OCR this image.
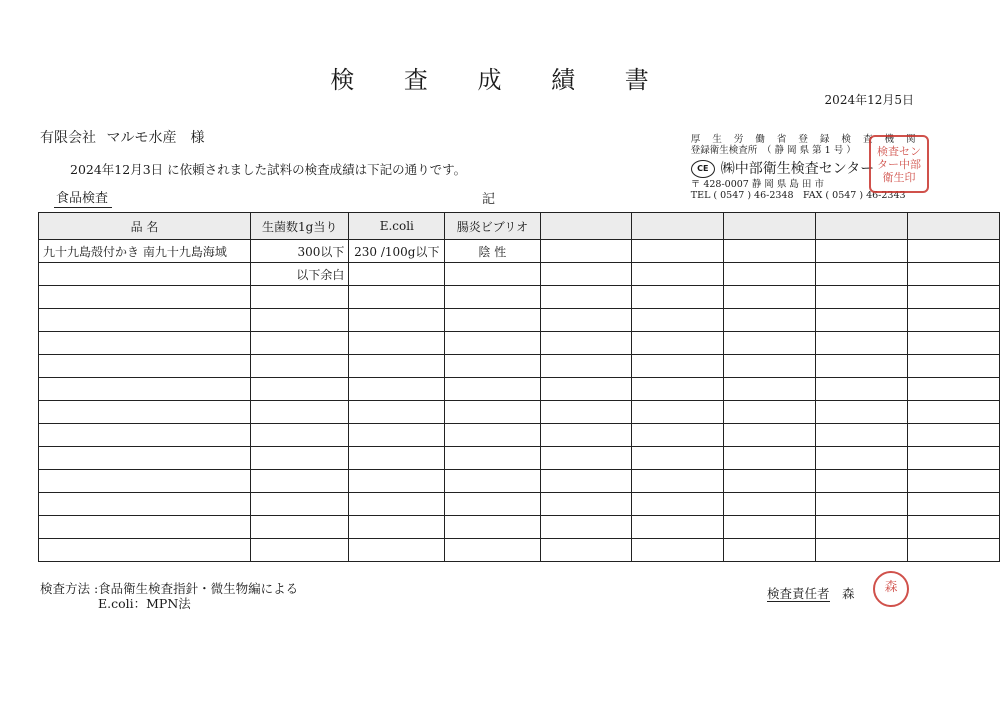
検 査 成 績 書
2024年12月5日
有限会社 マルモ水産　 様
2024年12月3日 に依頼されました試料の検査成績は下記の通りです。
食品検査	記
厚 生 労 働 省 登 録 検 査 機 関
登録衛生検査所　（ 静 岡 県 第 1 号 ）
CE ㈱中部衛生検査センター
〒 428-0007 静 岡 県 島 田 市
TEL ( 0547 ) 46-2348　FAX ( 0547 ) 46-2343
検査センター中部衛生印
品 名	生菌数1g当り	E.coli	腸炎ビブリオ					
九十九島殻付かき 南九十九島海域	300以下	230 /100g以下	陰 性					
	以下余白							

検査方法 :食品衛生検査指針・微生物編による
E.coli：MPN法
検査責任者　 森	森
